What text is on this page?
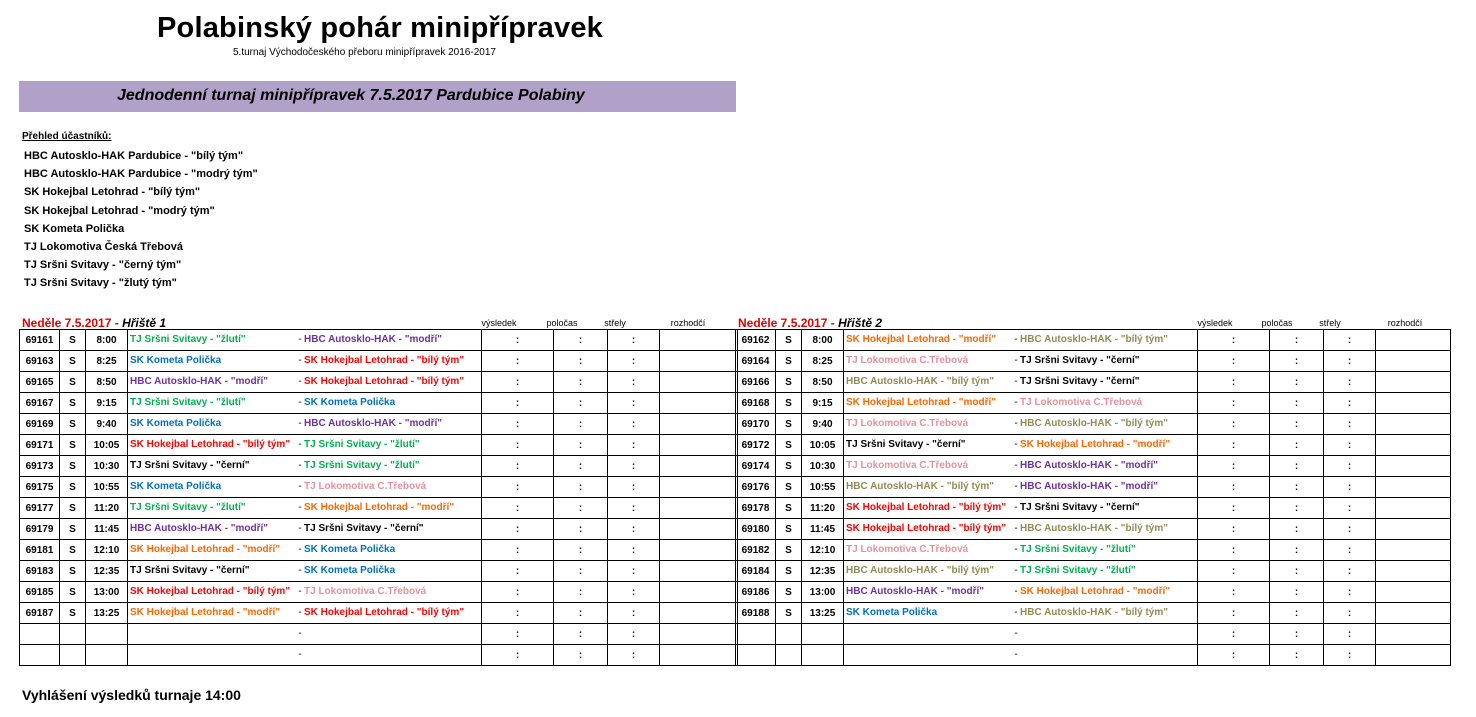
Polabinský pohár minipřípravek
5.turnaj Východočeského přeboru minipřípravek 2016-2017
Jednodenní turnaj minipřípravek 7.5.2017 Pardubice Polabiny
Přehled účastníků:
HBC Autosklo-HAK Pardubice - "bílý tým"
HBC Autosklo-HAK Pardubice - "modrý tým"
SK Hokejbal Letohrad - "bílý tým"
SK Hokejbal Letohrad - "modrý tým"
SK Kometa Polička
TJ Lokomotiva Česká Třebová
TJ Sršni Svitavy - "černý tým"
TJ Sršni Svitavy - "žlutý tým"
Neděle 7.5.2017 - Hřiště 1	výsledek	poločas	střely	rozhodčí	Neděle 7.5.2017 - Hřiště 2	výsledek	poločas	střely	rozhodčí
69161	S	8:00	TJ Sršni Svitavy - "žlutí" - HBC Autosklo-HAK - "modří"	:	:	:	
69163	S	8:25	SK Kometa Polička - SK Hokejbal Letohrad - "bílý tým"	:	:	:	
69165	S	8:50	HBC Autosklo-HAK - "modří" - SK Hokejbal Letohrad - "bílý tým"	:	:	:	
69167	S	9:15	TJ Sršni Svitavy - "žlutí" - SK Kometa Polička	:	:	:	
69169	S	9:40	SK Kometa Polička - HBC Autosklo-HAK - "modří"	:	:	:	
69171	S	10:05	SK Hokejbal Letohrad - "bílý tým" - TJ Sršni Svitavy - "žlutí"	:	:	:	
69173	S	10:30	TJ Sršni Svitavy - "černí" - TJ Sršni Svitavy - "žlutí"	:	:	:	
69175	S	10:55	SK Kometa Polička - TJ Lokomotiva Č.Třebová	:	:	:	
69177	S	11:20	TJ Sršni Svitavy - "žlutí" - SK Hokejbal Letohrad - "modří"	:	:	:	
69179	S	11:45	HBC Autosklo-HAK - "modří" - TJ Sršni Svitavy - "černí"	:	:	:	
69181	S	12:10	SK Hokejbal Letohrad - "modří" - SK Kometa Polička	:	:	:	
69183	S	12:35	TJ Sršni Svitavy - "černí" - SK Kometa Polička	:	:	:	
69185	S	13:00	SK Hokejbal Letohrad - "bílý tým" - TJ Lokomotiva Č.Třebová	:	:	:	
69187	S	13:25	SK Hokejbal Letohrad - "modří" - SK Hokejbal Letohrad - "bílý tým"	:	:	:	
			-	:	:	:	
			-	:	:	:	
69162	S	8:00	SK Hokejbal Letohrad - "modří" - HBC Autosklo-HAK - "bílý tým"	:	:	:	
69164	S	8:25	TJ Lokomotiva Č.Třebová - TJ Sršni Svitavy - "černí"	:	:	:	
69166	S	8:50	HBC Autosklo-HAK - "bílý tým" - TJ Sršni Svitavy - "černí"	:	:	:	
69168	S	9:15	SK Hokejbal Letohrad - "modří" - TJ Lokomotiva Č.Třebová	:	:	:	
69170	S	9:40	TJ Lokomotiva Č.Třebová - HBC Autosklo-HAK - "bílý tým"	:	:	:	
69172	S	10:05	TJ Sršni Svitavy - "černí" - SK Hokejbal Letohrad - "modří"	:	:	:	
69174	S	10:30	TJ Lokomotiva Č.Třebová - HBC Autosklo-HAK - "modří"	:	:	:	
69176	S	10:55	HBC Autosklo-HAK - "bílý tým" - HBC Autosklo-HAK - "modří"	:	:	:	
69178	S	11:20	SK Hokejbal Letohrad - "bílý tým" - TJ Sršni Svitavy - "černí"	:	:	:	
69180	S	11:45	SK Hokejbal Letohrad - "bílý tým" - HBC Autosklo-HAK - "bílý tým"	:	:	:	
69182	S	12:10	TJ Lokomotiva Č.Třebová - TJ Sršni Svitavy - "žlutí"	:	:	:	
69184	S	12:35	HBC Autosklo-HAK - "bílý tým" - TJ Sršni Svitavy - "žlutí"	:	:	:	
69186	S	13:00	HBC Autosklo-HAK - "modří" - SK Hokejbal Letohrad - "modří"	:	:	:	
69188	S	13:25	SK Kometa Polička - HBC Autosklo-HAK - "bílý tým"	:	:	:	
			-	:	:	:	
			-	:	:	:	
Vyhlášení výsledků turnaje 14:00
